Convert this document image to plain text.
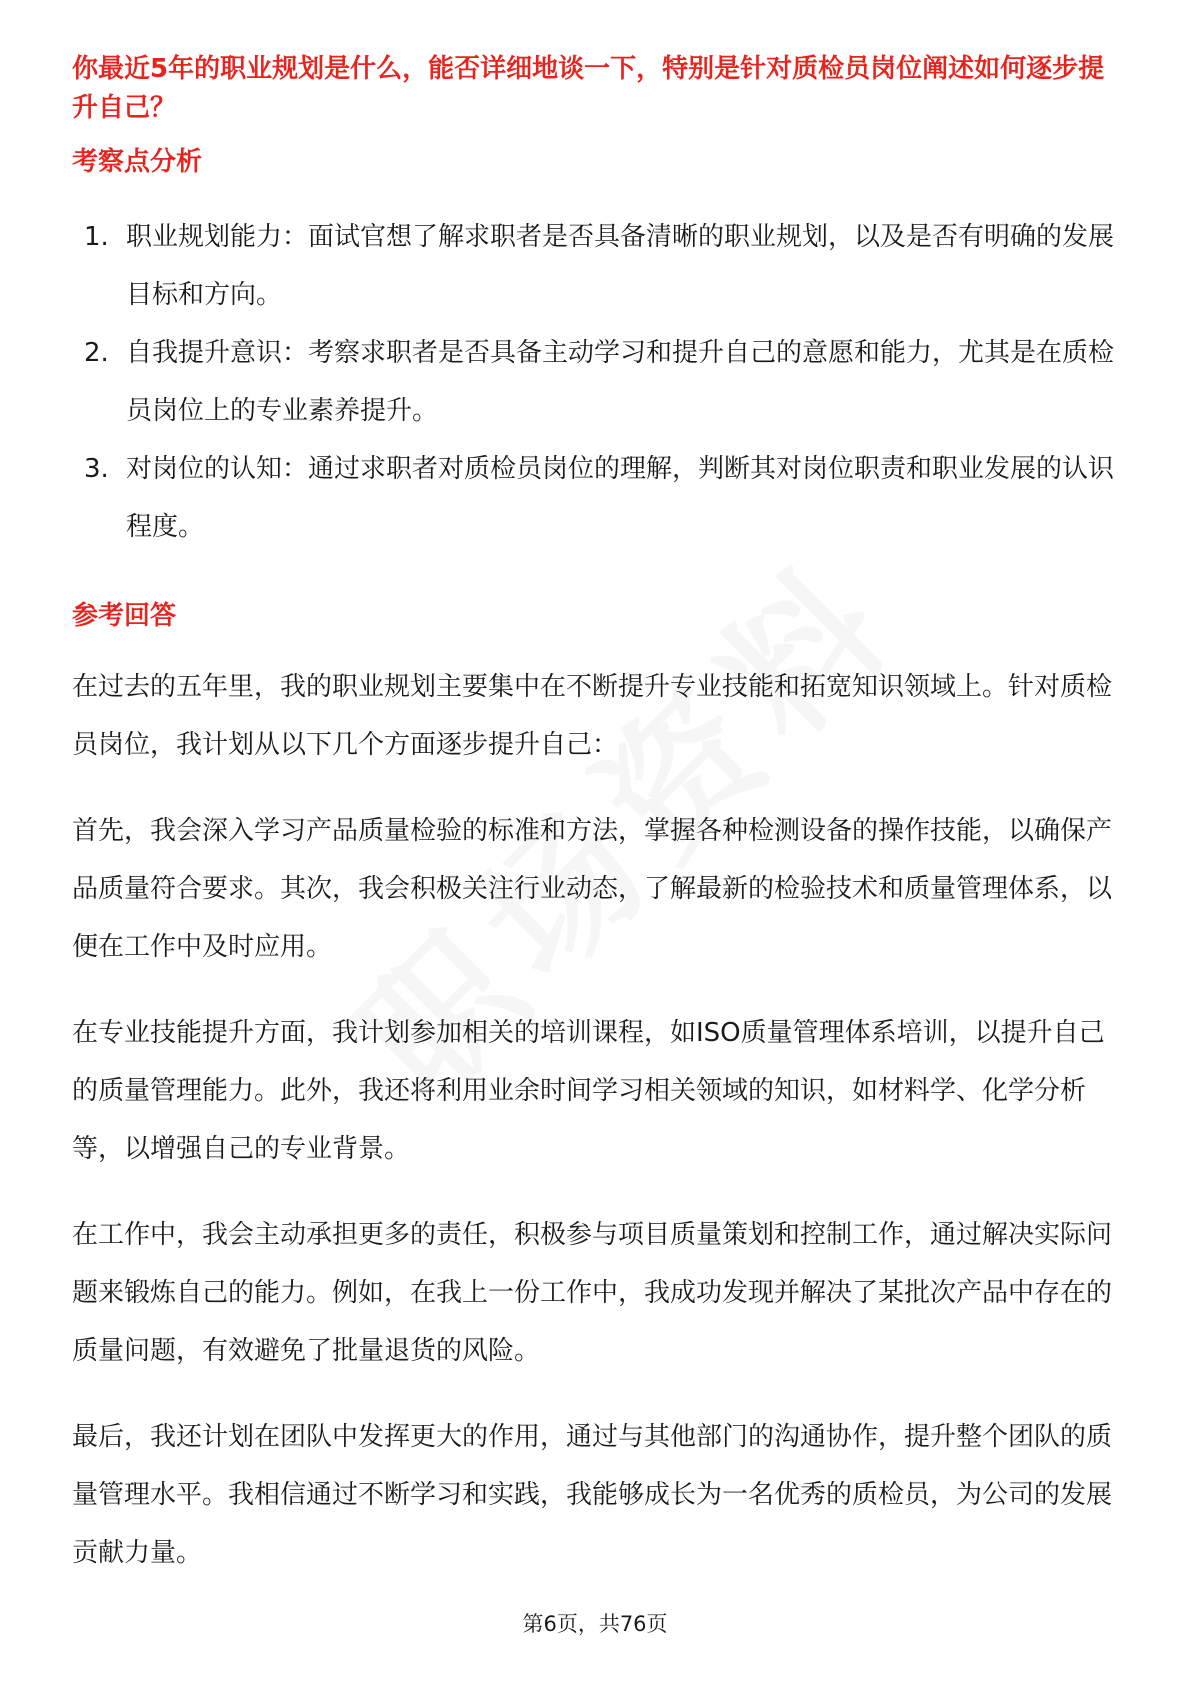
你最近5年的职业规划是什么，能否详细地谈一下，特别是针对质检员岗位阐述如何逐步提升自己？

考察点分析

1. 职业规划能力：面试官想了解求职者是否具备清晰的职业规划，以及是否有明确的发展目标和方向。
2. 自我提升意识：考察求职者是否具备主动学习和提升自己的意愿和能力，尤其是在质检员岗位上的专业素养提升。
3. 对岗位的认知：通过求职者对质检员岗位的理解，判断其对岗位职责和职业发展的认识程度。

参考回答

在过去的五年里，我的职业规划主要集中在不断提升专业技能和拓宽知识领域上。针对质检员岗位，我计划从以下几个方面逐步提升自己：

首先，我会深入学习产品质量检验的标准和方法，掌握各种检测设备的操作技能，以确保产品质量符合要求。其次，我会积极关注行业动态，了解最新的检验技术和质量管理体系，以便在工作中及时应用。

在专业技能提升方面，我计划参加相关的培训课程，如ISO质量管理体系培训，以提升自己的质量管理能力。此外，我还将利用业余时间学习相关领域的知识，如材料学、化学分析等，以增强自己的专业背景。

在工作中，我会主动承担更多的责任，积极参与项目质量策划和控制工作，通过解决实际问题来锻炼自己的能力。例如，在我上一份工作中，我成功发现并解决了某批次产品中存在的质量问题，有效避免了批量退货的风险。

最后，我还计划在团队中发挥更大的作用，通过与其他部门的沟通协作，提升整个团队的质量管理水平。我相信通过不断学习和实践，我能够成长为一名优秀的质检员，为公司的发展贡献力量。

第6页，共76页
